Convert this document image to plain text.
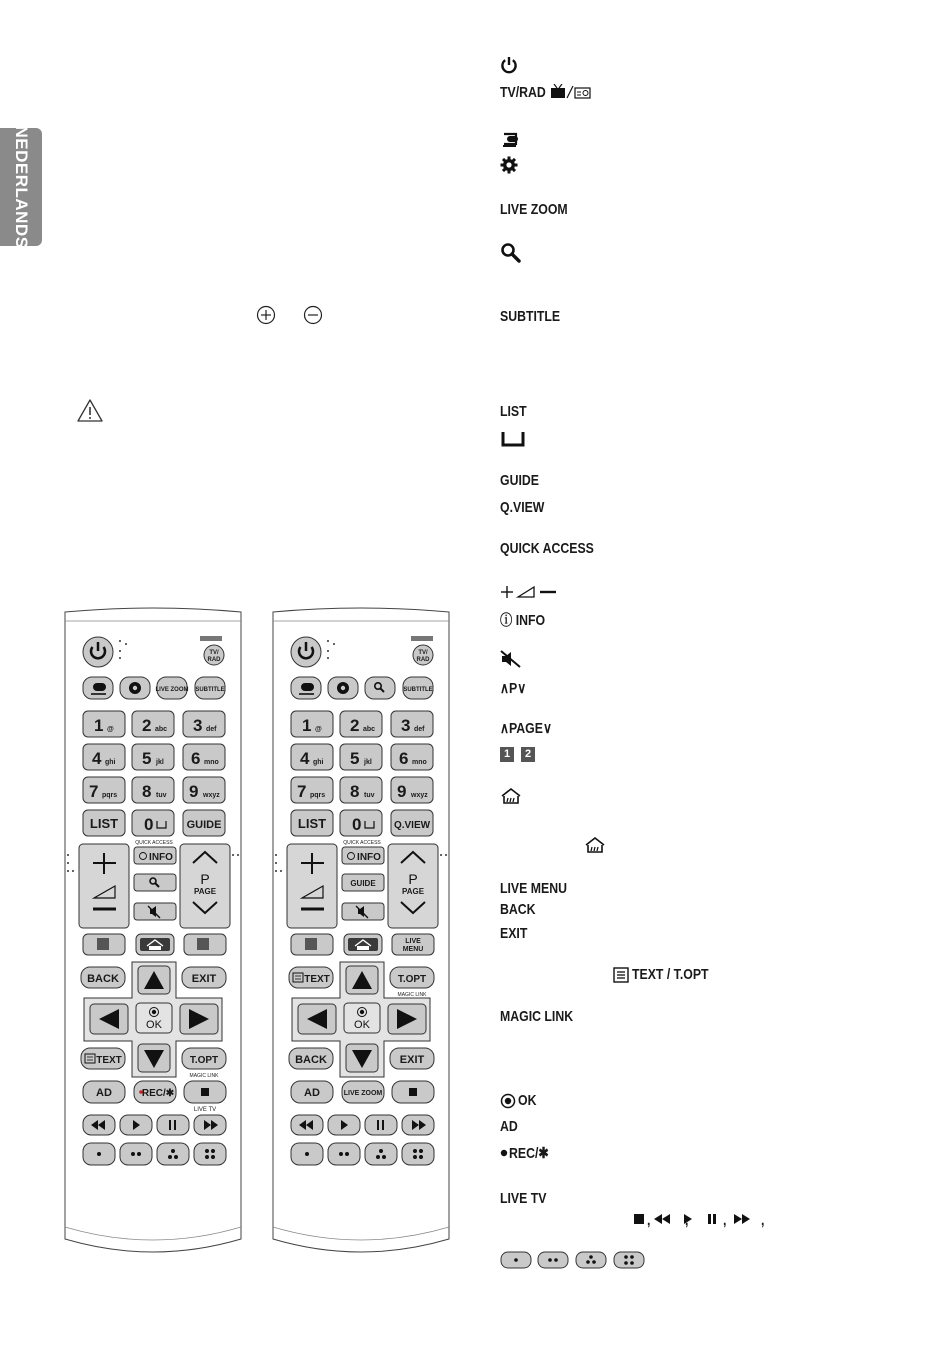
NEDERLANDS
TV/RAD
LIVE ZOOM
SUBTITLE
LIST
GUIDE
Q.VIEW
QUICK ACCESS
ⓘ INFO
∧P∨
∧PAGE∨
1	2
LIVE MENU
BACK
EXIT
TEXT / T.OPT
MAGIC LINK
OK
AD
REC/✱
LIVE TV
, , , ,
TV/
RAD
LIVE ZOOM SUBTITLE
1 @ 2 abc 3 def
4 ghi 5 jkl 6 mno
7 pqrs 8 tuv 9 wxyz
LIST 0	GUIDE
QUICK ACCESS
INFO
P
PAGE
BACK	EXIT
OK
TEXT	T.OPT
MAGIC LINK
AD	REC/✱
LIVE TV
TV/
RAD
SUBTITLE
1 @ 2 abc 3 def
4 ghi 5 jkl 6 mno
7 pqrs 8 tuv 9 wxyz
LIST 0	Q.VIEW
QUICK ACCESS
INFO
GUIDE P
PAGE
LIVE
MENU
TEXT	T.OPT
MAGIC LINK
OK
BACK	EXIT
AD	LIVE ZOOM
